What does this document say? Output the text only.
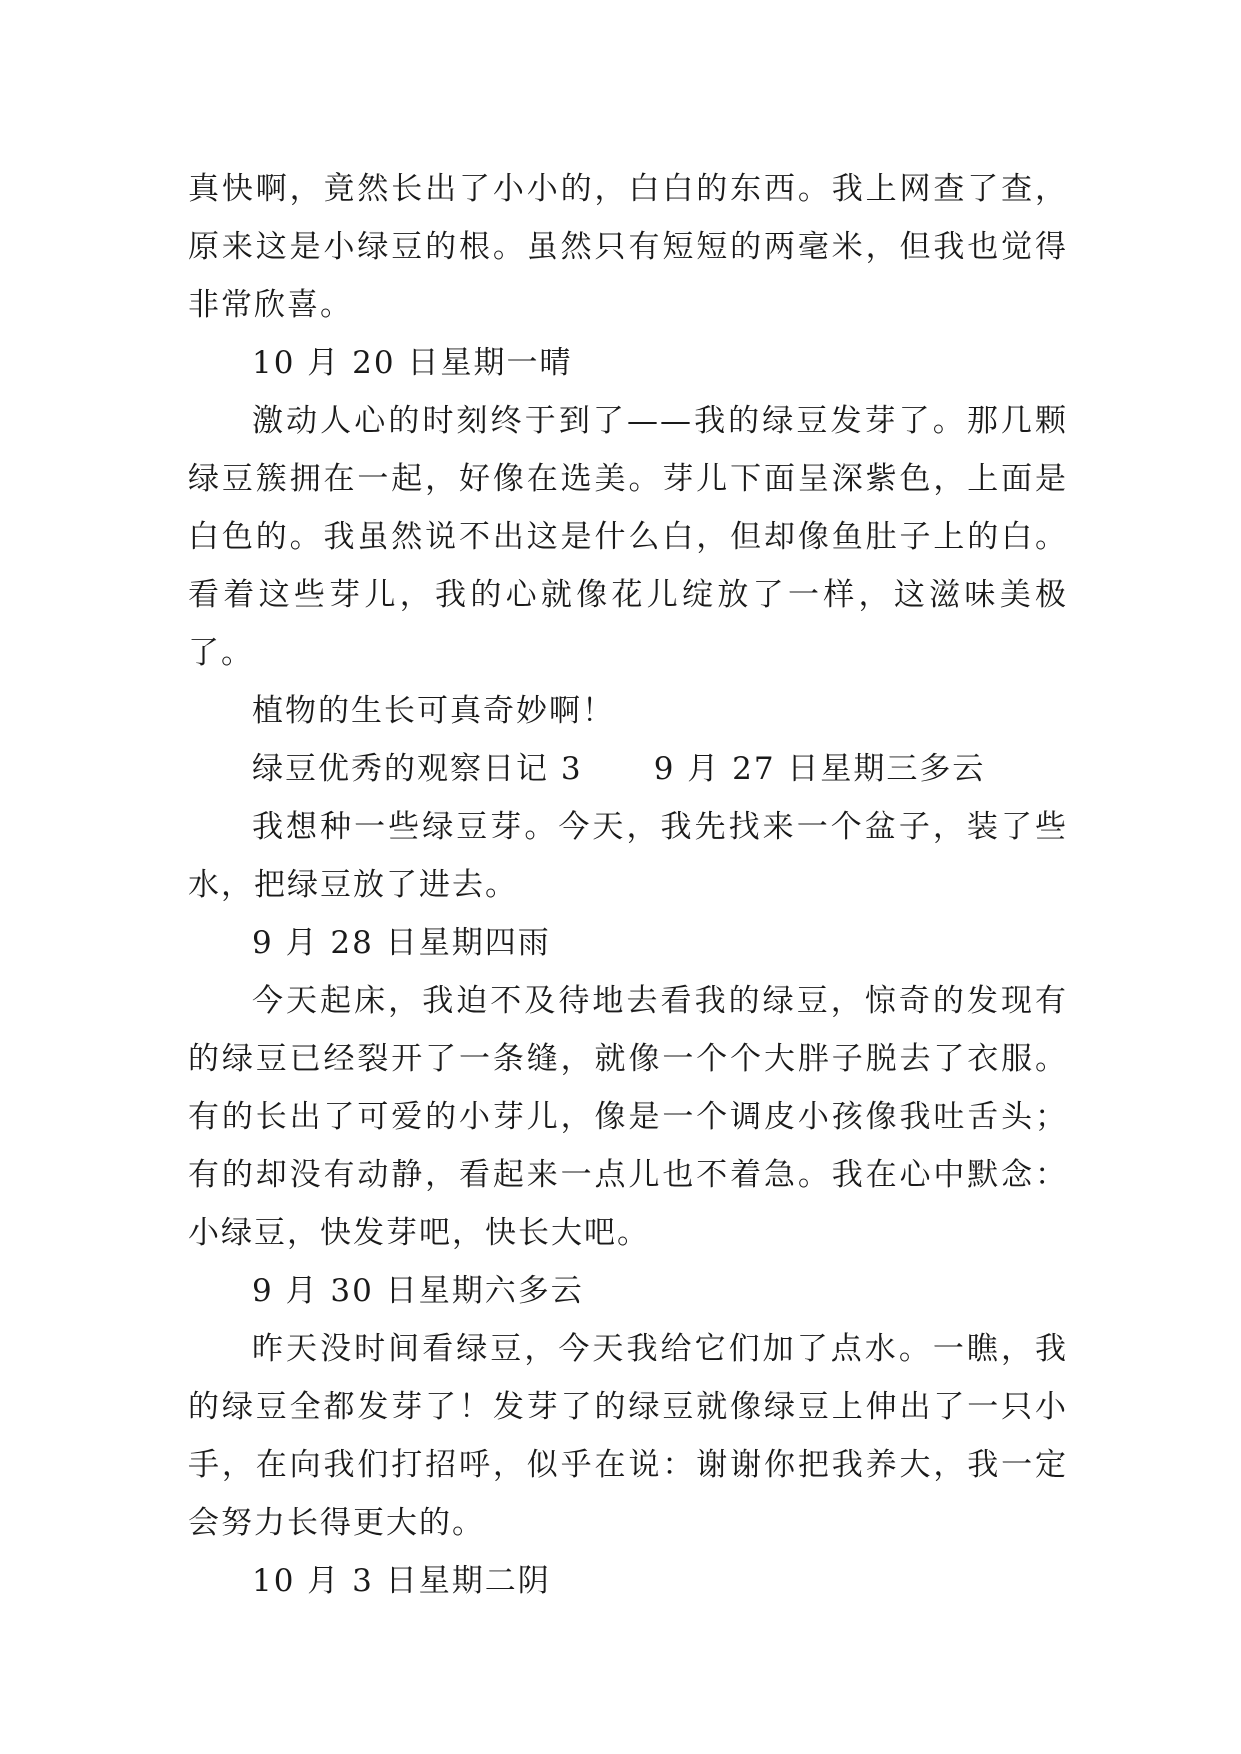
真快啊，竟然长出了小小的，白白的东西。我上网查了查，原来这是小绿豆的根。虽然只有短短的两毫米，但我也觉得非常欣喜。

10 月 20 日星期一晴

激动人心的时刻终于到了——我的绿豆发芽了。那几颗绿豆簇拥在一起，好像在选美。芽儿下面呈深紫色，上面是白色的。我虽然说不出这是什么白，但却像鱼肚子上的白。看着这些芽儿，我的心就像花儿绽放了一样，这滋味美极了。

植物的生长可真奇妙啊！

绿豆优秀的观察日记 3      9 月 27 日星期三多云

我想种一些绿豆芽。今天，我先找来一个盆子，装了些水，把绿豆放了进去。

9 月 28 日星期四雨

今天起床，我迫不及待地去看我的绿豆，惊奇的发现有的绿豆已经裂开了一条缝，就像一个个大胖子脱去了衣服。有的长出了可爱的小芽儿，像是一个调皮小孩像我吐舌头；有的却没有动静，看起来一点儿也不着急。我在心中默念：小绿豆，快发芽吧，快长大吧。

9 月 30 日星期六多云

昨天没时间看绿豆，今天我给它们加了点水。一瞧，我的绿豆全都发芽了！发芽了的绿豆就像绿豆上伸出了一只小手，在向我们打招呼，似乎在说：谢谢你把我养大，我一定会努力长得更大的。

10 月 3 日星期二阴
